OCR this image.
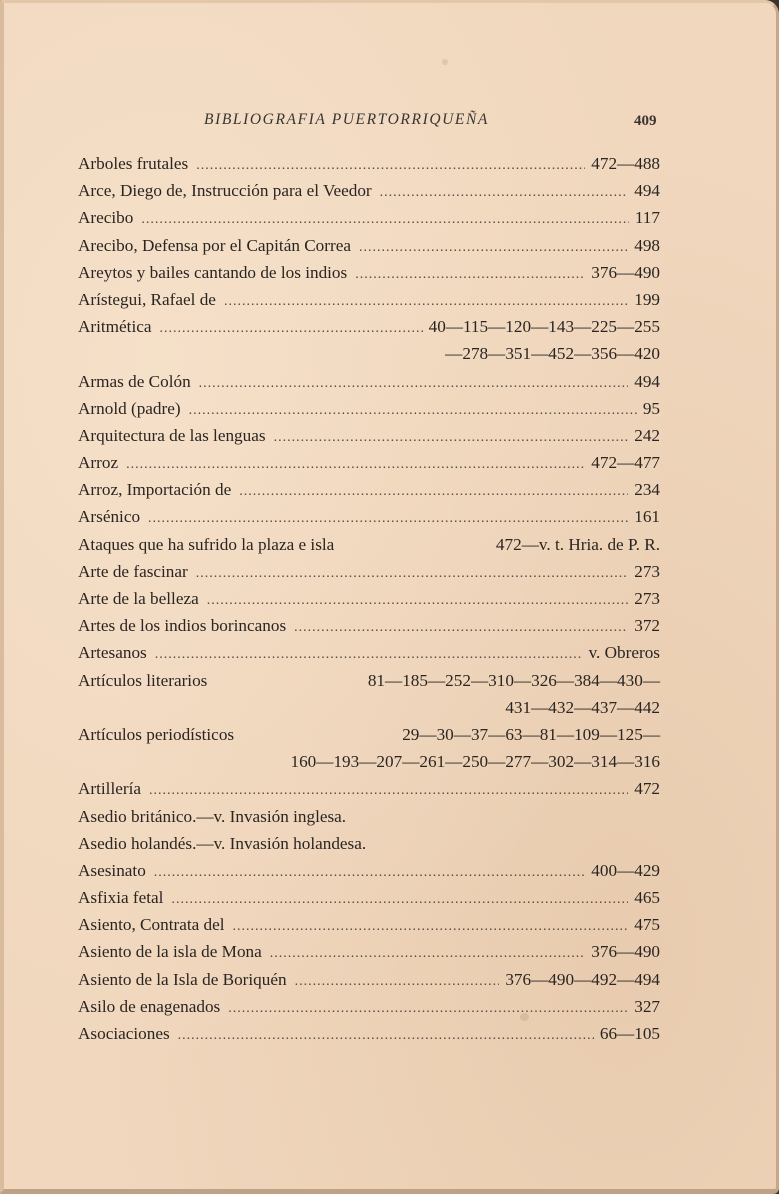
BIBLIOGRAFIA PUERTORRIQUEÑA	409
Arboles frutales .....	472—488
Arce, Diego de, Instrucción para el Veedor .....	494
Arecibo .....	117
Arecibo, Defensa por el Capitán Correa .....	498
Areytos y bailes cantando de los indios .....	376—490
Arístegui, Rafael de .....	199
Aritmética .....	40—115—120—143—225—255
—278—351—452—356—420
Armas de Colón .....	494
Arnold (padre) .....	95
Arquitectura de las lenguas .....	242
Arroz .....	472—477
Arroz, Importación de .....	234
Arsénico .....	161
Ataques que ha sufrido la plaza e isla	472—v. t. Hria. de P. R.
Arte de fascinar .....	273
Arte de la belleza .....	273
Artes de los indios borincanos .....	372
Artesanos .....	v. Obreros
Artículos literarios	81—185—252—310—326—384—430—
431—432—437—442
Artículos periodísticos	29—30—37—63—81—109—125—
160—193—207—261—250—277—302—314—316
Artillería .....	472
Asedio británico.—v. Invasión inglesa.
Asedio holandés.—v. Invasión holandesa.
Asesinato .....	400—429
Asfixia fetal .....	465
Asiento, Contrata del .....	475
Asiento de la isla de Mona .....	376—490
Asiento de la Isla de Boriquén .....	376—490—492—494
Asilo de enagenados .....	327
Asociaciones .....	66—105
